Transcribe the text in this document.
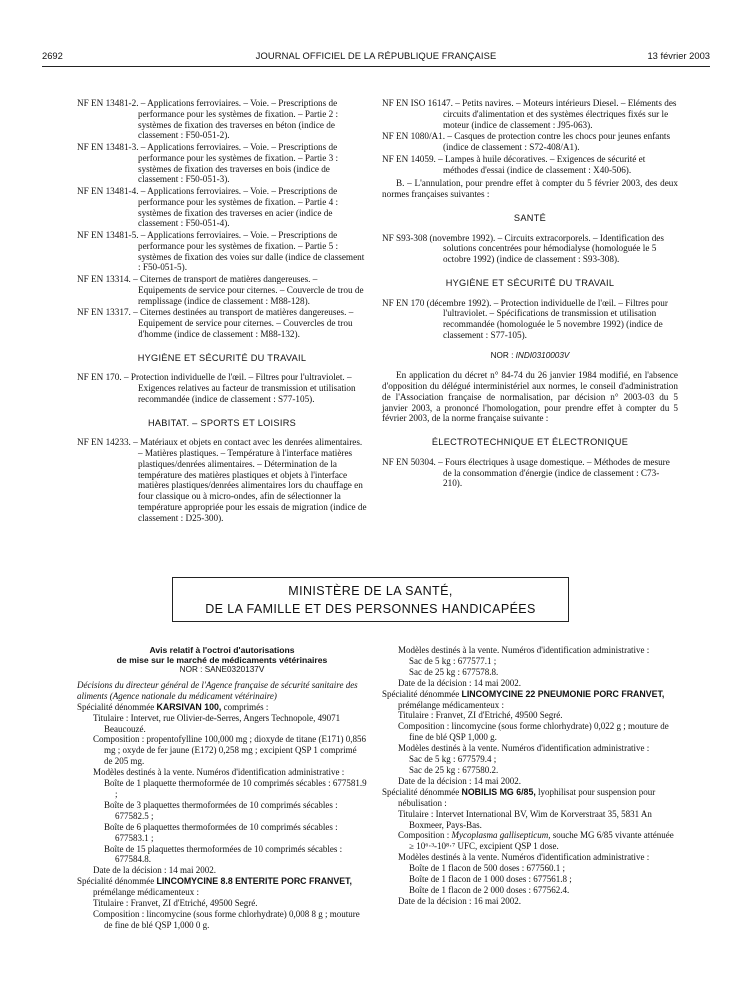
2692	JOURNAL OFFICIEL DE LA RÉPUBLIQUE FRANÇAISE	13 février 2003

NF EN 13481-2. – Applications ferroviaires. – Voie. – Prescriptions de performance pour les systèmes de fixation. – Partie 2 : systèmes de fixation des traverses en béton (indice de classement : F50-051-2).

NF EN 13481-3. – Applications ferroviaires. – Voie. – Prescriptions de performance pour les systèmes de fixation. – Partie 3 : systèmes de fixation des traverses en bois (indice de classement : F50-051-3).

NF EN 13481-4. – Applications ferroviaires. – Voie. – Prescriptions de performance pour les systèmes de fixation. – Partie 4 : systèmes de fixation des traverses en acier (indice de classement : F50-051-4).

NF EN 13481-5. – Applications ferroviaires. – Voie. – Prescriptions de performance pour les systèmes de fixation. – Partie 5 : systèmes de fixation des voies sur dalle (indice de classement : F50-051-5).

NF EN 13314. – Citernes de transport de matières dangereuses. – Equipements de service pour citernes. – Couvercle de trou de remplissage (indice de classement : M88-128).

NF EN 13317. – Citernes destinées au transport de matières dangereuses. – Equipement de service pour citernes. – Couvercles de trou d'homme (indice de classement : M88-132).

HYGIÈNE ET SÉCURITÉ DU TRAVAIL

NF EN 170. – Protection individuelle de l'œil. – Filtres pour l'ultraviolet. – Exigences relatives au facteur de transmission et utilisation recommandée (indice de classement : S77-105).

HABITAT. – SPORTS ET LOISIRS

NF EN 14233. – Matériaux et objets en contact avec les denrées alimentaires. – Matières plastiques. – Température à l'interface matières plastiques/denrées alimentaires. – Détermination de la température des matières plastiques et objets à l'interface matières plastiques/denrées alimentaires lors du chauffage en four classique ou à micro-ondes, afin de sélectionner la température appropriée pour les essais de migration (indice de classement : D25-300).

NF EN ISO 16147. – Petits navires. – Moteurs intérieurs Diesel. – Eléments des circuits d'alimentation et des systèmes électriques fixés sur le moteur (indice de classement : J95-063).

NF EN 1080/A1. – Casques de protection contre les chocs pour jeunes enfants (indice de classement : S72-408/A1).

NF EN 14059. – Lampes à huile décoratives. – Exigences de sécurité et méthodes d'essai (indice de classement : X40-506).

B. – L'annulation, pour prendre effet à compter du 5 février 2003, des deux normes françaises suivantes :

SANTÉ

NF S93-308 (novembre 1992). – Circuits extracorporels. – Identification des solutions concentrées pour hémodialyse (homologuée le 5 octobre 1992) (indice de classement : S93-308).

HYGIÈNE ET SÉCURITÉ DU TRAVAIL

NF EN 170 (décembre 1992). – Protection individuelle de l'œil. – Filtres pour l'ultraviolet. – Spécifications de transmission et utilisation recommandée (homologuée le 5 novembre 1992) (indice de classement : S77-105).

NOR : INDI0310003V

En application du décret n° 84-74 du 26 janvier 1984 modifié, en l'absence d'opposition du délégué interministériel aux normes, le conseil d'administration de l'Association française de normalisation, par décision n° 2003-03 du 5 janvier 2003, a prononcé l'homologation, pour prendre effet à compter du 5 février 2003, de la norme française suivante :

ÉLECTROTECHNIQUE ET ÉLECTRONIQUE

NF EN 50304. – Fours électriques à usage domestique. – Méthodes de mesure de la consommation d'énergie (indice de classement : C73-210).

MINISTÈRE DE LA SANTÉ,
DE LA FAMILLE ET DES PERSONNES HANDICAPÉES
Avis relatif à l'octroi d'autorisations
de mise sur le marché de médicaments vétérinaires
NOR : SANE0320137V

Décisions du directeur général de l'Agence française de sécurité sanitaire des aliments (Agence nationale du médicament vétérinaire)

Spécialité dénommée KARSIVAN 100, comprimés :

Titulaire : Intervet, rue Olivier-de-Serres, Angers Technopole, 49071 Beaucouzé.

Composition : propentofylline 100,000 mg ; dioxyde de titane (E171) 0,856 mg ; oxyde de fer jaune (E172) 0,258 mg ; excipient QSP 1 comprimé de 205 mg.

Modèles destinés à la vente. Numéros d'identification administrative :

Boîte de 1 plaquette thermoformée de 10 comprimés sécables : 677581.9 ;

Boîte de 3 plaquettes thermoformées de 10 comprimés sécables : 677582.5 ;

Boîte de 6 plaquettes thermoformées de 10 comprimés sécables : 677583.1 ;

Boîte de 15 plaquettes thermoformées de 10 comprimés sécables : 677584.8.

Date de la décision : 14 mai 2002.

Spécialité dénommée LINCOMYCINE 8.8 ENTERITE PORC FRANVET, prémélange médicamenteux :

Titulaire : Franvet, ZI d'Etriché, 49500 Segré.

Composition : lincomycine (sous forme chlorhydrate) 0,008 8 g ; mouture de fine de blé QSP 1,000 0 g.

Modèles destinés à la vente. Numéros d'identification administrative :

Sac de 5 kg : 677577.1 ;

Sac de 25 kg : 677578.8.

Date de la décision : 14 mai 2002.

Spécialité dénommée LINCOMYCINE 22 PNEUMONIE PORC FRANVET, prémélange médicamenteux :

Titulaire : Franvet, ZI d'Etriché, 49500 Segré.

Composition : lincomycine (sous forme chlorhydrate) 0,022 g ; mouture de fine de blé QSP 1,000 g.

Modèles destinés à la vente. Numéros d'identification administrative :

Sac de 5 kg : 677579.4 ;

Sac de 25 kg : 677580.2.

Date de la décision : 14 mai 2002.

Spécialité dénommée NOBILIS MG 6/85, lyophilisat pour suspension pour nébulisation :

Titulaire : Intervet International BV, Wim de Korverstraat 35, 5831 An Boxmeer, Pays-Bas.

Composition : Mycoplasma gallisepticum, souche MG 6/85 vivante atténuée ≥ 10⁶·³-10⁸·⁷ UFC, excipient QSP 1 dose.

Modèles destinés à la vente. Numéros d'identification administrative :

Boîte de 1 flacon de 500 doses : 677560.1 ;

Boîte de 1 flacon de 1 000 doses : 677561.8 ;

Boîte de 1 flacon de 2 000 doses : 677562.4.

Date de la décision : 16 mai 2002.
